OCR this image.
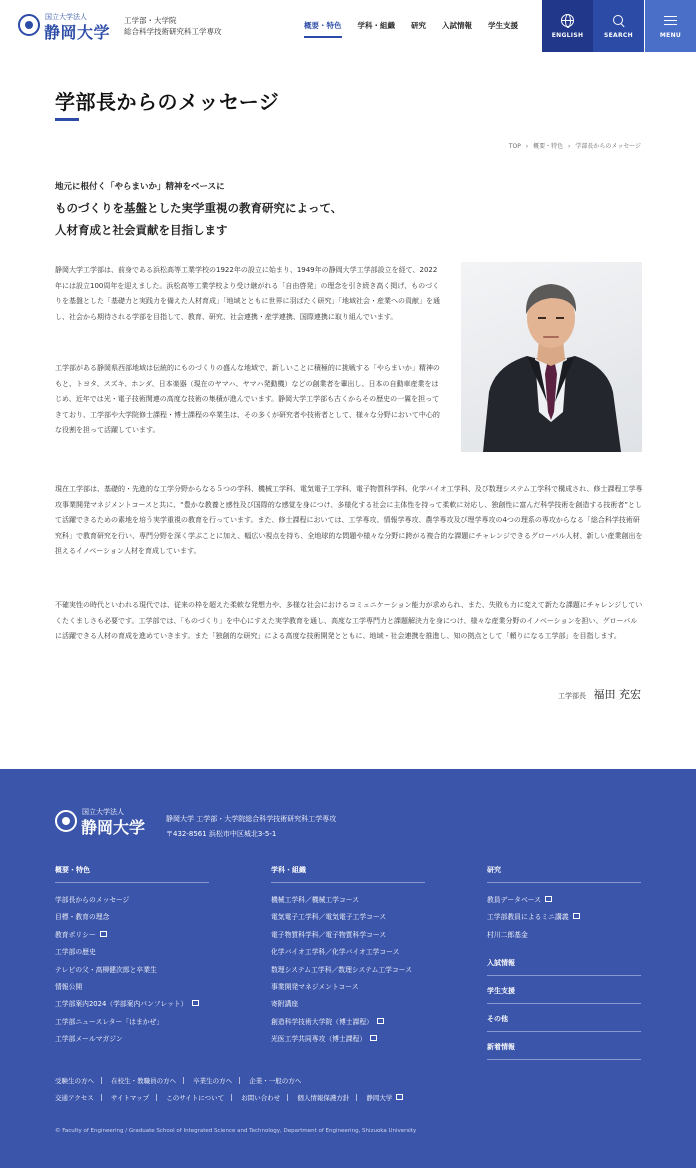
国立大学法人
静岡大学
工学部・大学院
総合科学技術研究科工学専攻
概要・特色	学科・組織	研究	入試情報	学生支援
ENGLISH	SEARCH	MENU
学部長からのメッセージ
TOP › 概要・特色 › 学部長からのメッセージ
地元に根付く「やらまいか」精神をベースに
ものづくりを基盤とした実学重視の教育研究によって、
人材育成と社会貢献を目指します

静岡大学工学部は、前身である浜松高等工業学校の1922年の設立に始まり、1949年の静岡大学工学部設立を経て、2022年には設立100周年を迎えました。浜松高等工業学校より受け継がれる「自由啓発」の理念を引き続き高く掲げ、ものづくりを基盤とした「基礎力と実践力を備えた人材育成」「地域とともに世界に羽ばたく研究」「地域社会・産業への貢献」を通し、社会から期待される学部を目指して、教育、研究、社会連携・産学連携、国際連携に取り組んでいます。

工学部がある静岡県西部地域は伝統的にものづくりの盛んな地域で、新しいことに積極的に挑戦する「やらまいか」精神のもと、トヨタ、スズキ、ホンダ、日本楽器（現在のヤマハ、ヤマハ発動機）などの創業者を輩出し、日本の自動車産業をはじめ、近年では光・電子技術関連の高度な技術の集積が進んでいます。静岡大学工学部も古くからその歴史の一翼を担ってきており、工学部や大学院修士課程・博士課程の卒業生は、その多くが研究者や技術者として、様々な分野において中心的な役割を担って活躍しています。

現在工学部は、基礎的・先進的な工学分野からなる５つの学科、機械工学科、電気電子工学科、電子物質科学科、化学バイオ工学科、及び数理システム工学科で構成され、修士課程工学専攻事業開発マネジメントコースと共に、“豊かな教養と感性及び国際的な感覚を身につけ、多様化する社会に主体性を持って柔軟に対応し、独創性に富んだ科学技術を創造する技術者”として活躍できるための素地を培う実学重視の教育を行っています。また、修士課程においては、工学専攻、情報学専攻、農学専攻及び理学専攻の4つの理系の専攻からなる「総合科学技術研究科」で教育研究を行い、専門分野を深く学ぶことに加え、幅広い視点を持ち、全地球的な問題や様々な分野に跨がる複合的な課題にチャレンジできるグローバル人材、新しい産業創出を担えるイノベーション人材を育成しています。

不確実性の時代といわれる現代では、従来の枠を超えた柔軟な発想力や、多様な社会におけるコミュニケーション能力が求められ、また、失敗も力に変えて新たな課題にチャレンジしていくたくましさも必要です。工学部では、「ものづくり」を中心にすえた実学教育を通し、高度な工学専門力と課題解決力を身につけ、様々な産業分野のイノベーションを担い、グローバルに活躍できる人材の育成を進めていきます。また「独創的な研究」による高度な技術開発とともに、地域・社会連携を推進し、知の拠点として「頼りになる工学部」を目指します。

工学部長 福田 充宏
国立大学法人
静岡大学	静岡大学 工学部・大学院総合科学技術研究科工学専攻
〒432-8561 浜松市中区城北3-5-1
概要・特色
学部長からのメッセージ
目標・教育の理念
教育ポリシー
工学部の歴史
テレビの父・高柳健次郎と卒業生
情報公開
工学部案内2024（学部案内パンフレット）
工学部ニュースレター「はまかぜ」
工学部メールマガジン
学科・組織
機械工学科／機械工学コース
電気電子工学科／電気電子工学コース
電子物質科学科／電子物質科学コース
化学バイオ工学科／化学バイオ工学コース
数理システム工学科／数理システム工学コース
事業開発マネジメントコース
寄附講座
創造科学技術大学院（博士課程）
光医工学共同専攻（博士課程）
研究
教員データベース
工学部教員によるミニ講義
村川二郎基金
入試情報
学生支援
その他
新着情報
受験生の方へ	在校生・教職員の方へ	卒業生の方へ	企業・一般の方へ
交通アクセス	サイトマップ	このサイトについて	お問い合わせ	個人情報保護方針	静岡大学
© Faculty of Engineering / Graduate School of Integrated Science and Technology, Department of Engineering, Shizuoka University
